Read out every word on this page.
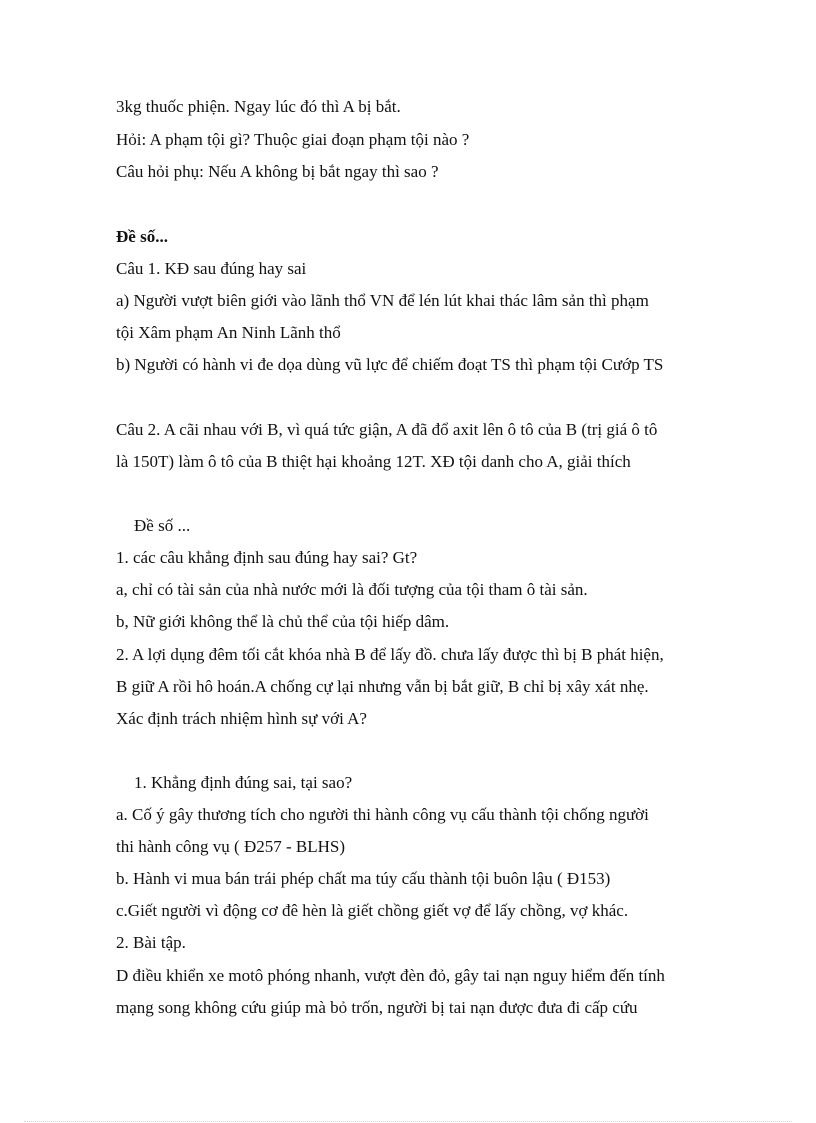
3kg thuốc phiện. Ngay lúc đó thì A bị bắt.
Hỏi: A phạm tội gì? Thuộc giai đoạn phạm tội nào ?
Câu hỏi phụ: Nếu A không bị bắt ngay thì sao ?
Đề số...
Câu 1. KĐ sau đúng hay sai
a) Người vượt biên giới vào lãnh thổ VN để lén lút khai thác lâm sản thì phạm
tội Xâm phạm An Ninh Lãnh thổ
b) Người có hành vi đe dọa dùng vũ lực để chiếm đoạt TS thì phạm tội Cướp TS
Câu 2. A cãi nhau với B, vì quá tức giận, A đã đổ axit lên ô tô của B (trị giá ô tô
là 150T) làm ô tô của B thiệt hại khoảng 12T. XĐ tội danh cho A, giải thích
Đề số ...
1. các câu khẳng định sau đúng hay sai? Gt?
a, chỉ có tài sản của nhà nước mới là đối tượng của tội tham ô tài sản.
b, Nữ giới không thể là chủ thể của tội hiếp dâm.
2. A lợi dụng đêm tối cắt khóa nhà B để lấy đồ. chưa lấy được thì bị B phát hiện,
B giữ A rồi hô hoán.A chống cự lại nhưng vẫn bị bắt giữ, B chỉ bị xây xát nhẹ.
Xác định trách nhiệm hình sự với A?
1. Khẳng định đúng sai, tại sao?
a. Cố ý gây thương tích cho người thi hành công vụ cấu thành tội chống người
thi hành công vụ ( Đ257 - BLHS)
b. Hành vi mua bán trái phép chất ma túy cấu thành tội buôn lậu ( Đ153)
c.Giết người vì động cơ đê hèn là giết chồng giết vợ để lấy chồng, vợ khác.
2. Bài tập.
D điều khiển xe motô phóng nhanh, vượt đèn đỏ, gây tai nạn nguy hiểm đến tính
mạng song không cứu giúp mà bỏ trốn, người bị tai nạn được đưa đi cấp cứu
